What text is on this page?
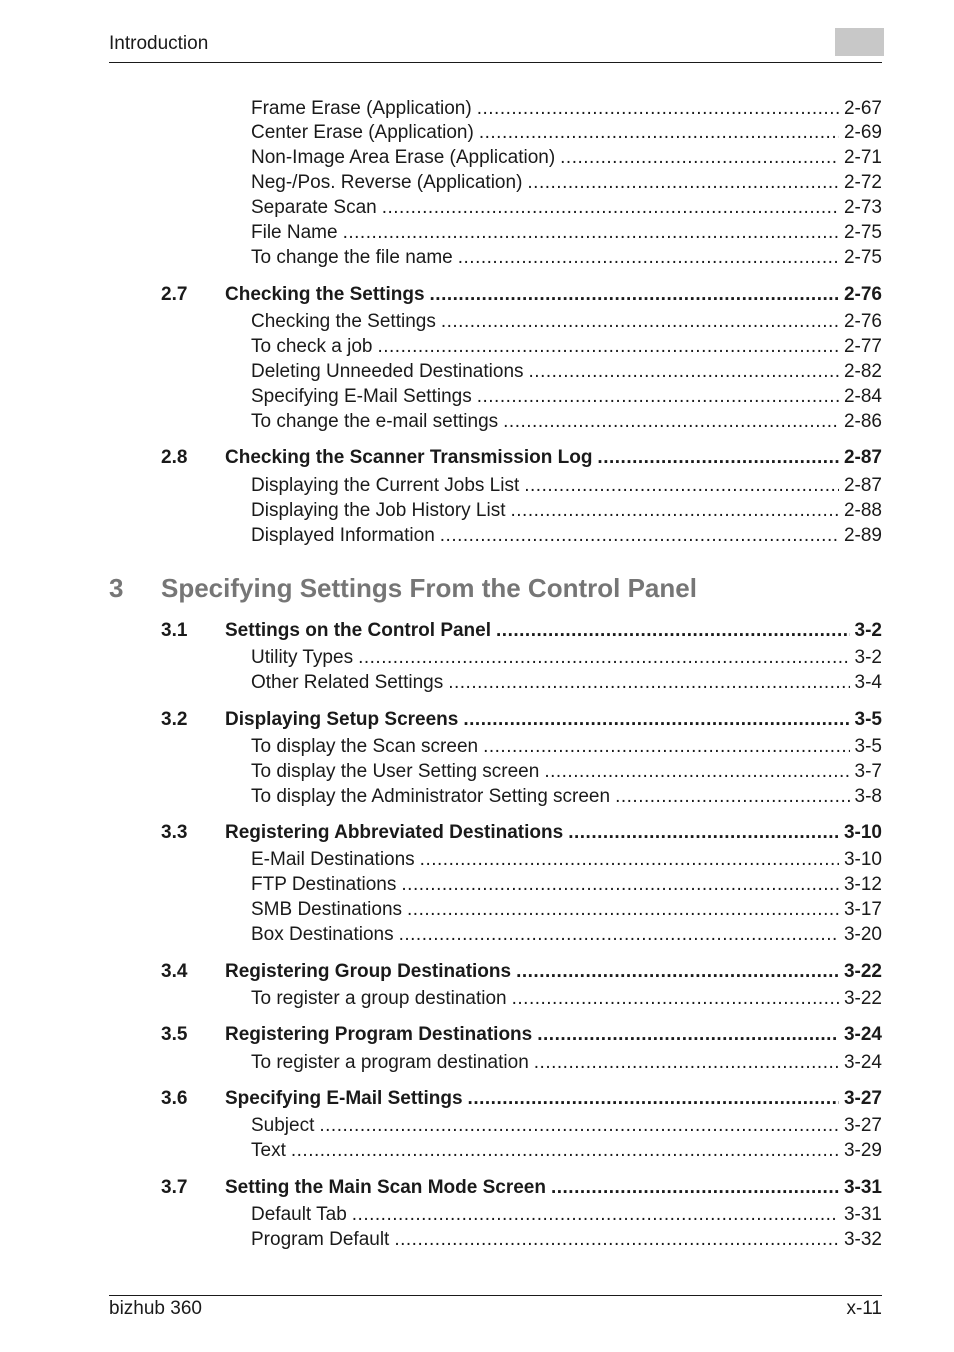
Introduction
3 Specifying Settings From the Control Panel
Frame Erase (Application) .....	2-67
Center Erase (Application) .....	2-69
Non-Image Area Erase (Application) .....	2-71
Neg-/Pos. Reverse (Application) .....	2-72
Separate Scan .....	2-73
File Name .....	2-75
To change the file name .....	2-75
2.7	Checking the Settings .....	2-76
Checking the Settings .....	2-76
To check a job .....	2-77
Deleting Unneeded Destinations .....	2-82
Specifying E-Mail Settings .....	2-84
To change the e-mail settings .....	2-86
2.8	Checking the Scanner Transmission Log .....	2-87
Displaying the Current Jobs List .....	2-87
Displaying the Job History List .....	2-88
Displayed Information .....	2-89
3.1	Settings on the Control Panel .....	3-2
Utility Types .....	3-2
Other Related Settings .....	3-4
3.2	Displaying Setup Screens .....	3-5
To display the Scan screen .....	3-5
To display the User Setting screen .....	3-7
To display the Administrator Setting screen .....	3-8
3.3	Registering Abbreviated Destinations .....	3-10
E-Mail Destinations .....	3-10
FTP Destinations .....	3-12
SMB Destinations .....	3-17
Box Destinations .....	3-20
3.4	Registering Group Destinations .....	3-22
To register a group destination .....	3-22
3.5	Registering Program Destinations .....	3-24
To register a program destination .....	3-24
3.6	Specifying E-Mail Settings .....	3-27
Subject .....	3-27
Text .....	3-29
3.7	Setting the Main Scan Mode Screen .....	3-31
Default Tab .....	3-31
Program Default .....	3-32
bizhub 360	x-11
